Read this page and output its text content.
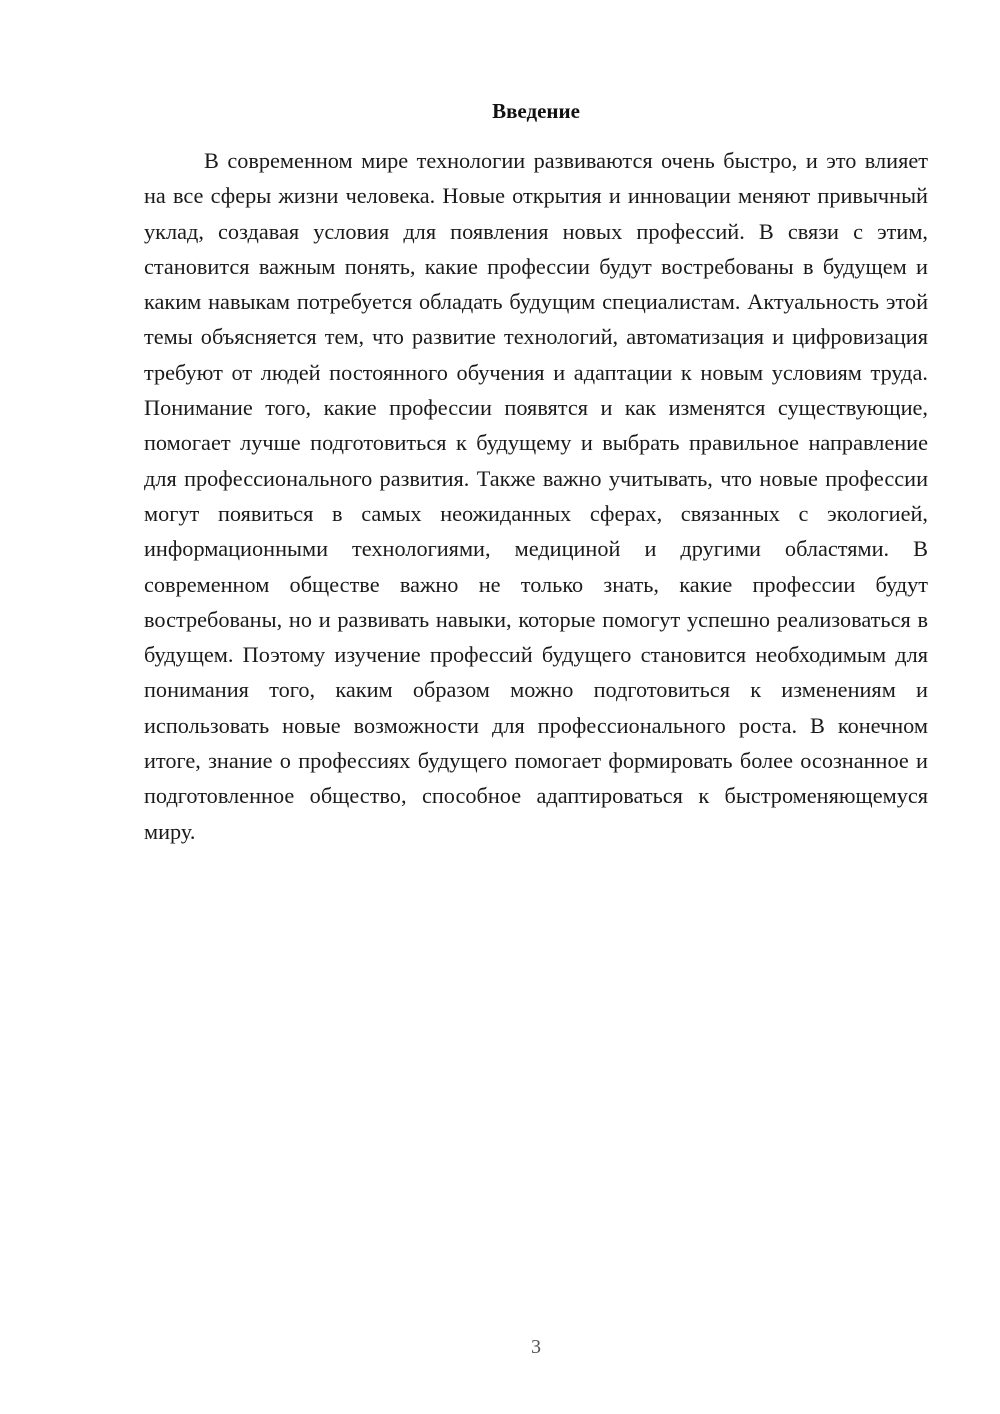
Введение

В современном мире технологии развиваются очень быстро, и это влияет на все сферы жизни человека. Новые открытия и инновации меняют привычный уклад, создавая условия для появления новых профессий. В связи с этим, становится важным понять, какие профессии будут востребованы в будущем и каким навыкам потребуется обладать будущим специалистам. Актуальность этой темы объясняется тем, что развитие технологий, автоматизация и цифровизация требуют от людей постоянного обучения и адаптации к новым условиям труда. Понимание того, какие профессии появятся и как изменятся существующие, помогает лучше подготовиться к будущему и выбрать правильное направление для профессионального развития. Также важно учитывать, что новые профессии могут появиться в самых неожиданных сферах, связанных с экологией, информационными технологиями, медициной и другими областями. В современном обществе важно не только знать, какие профессии будут востребованы, но и развивать навыки, которые помогут успешно реализоваться в будущем. Поэтому изучение профессий будущего становится необходимым для понимания того, каким образом можно подготовиться к изменениям и использовать новые возможности для профессионального роста. В конечном итоге, знание о профессиях будущего помогает формировать более осознанное и подготовленное общество, способное адаптироваться к быстроменяющемуся миру.

3
